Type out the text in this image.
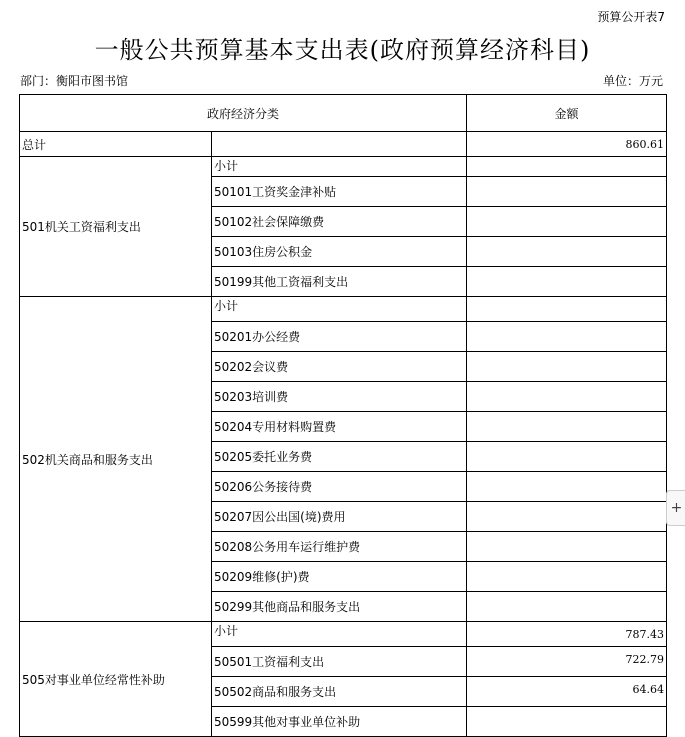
预算公开表7
一般公共预算基本支出表(政府预算经济科目)
部门：衡阳市图书馆	单位：万元
政府经济分类		金额
总计		860.61
501机关工资福利支出	小计	
	50101工资奖金津补贴	
	50102社会保障缴费	
	50103住房公积金	
	50199其他工资福利支出	
502机关商品和服务支出	小计	
	50201办公经费	
	50202会议费	
	50203培训费	
	50204专用材料购置费	
	50205委托业务费	
	50206公务接待费	
	50207因公出国(境)费用	
	50208公务用车运行维护费	
	50209维修(护)费	
	50299其他商品和服务支出	
505对事业单位经常性补助	小计	787.43
	50501工资福利支出	722.79
	50502商品和服务支出	64.64
	50599其他对事业单位补助	
+
